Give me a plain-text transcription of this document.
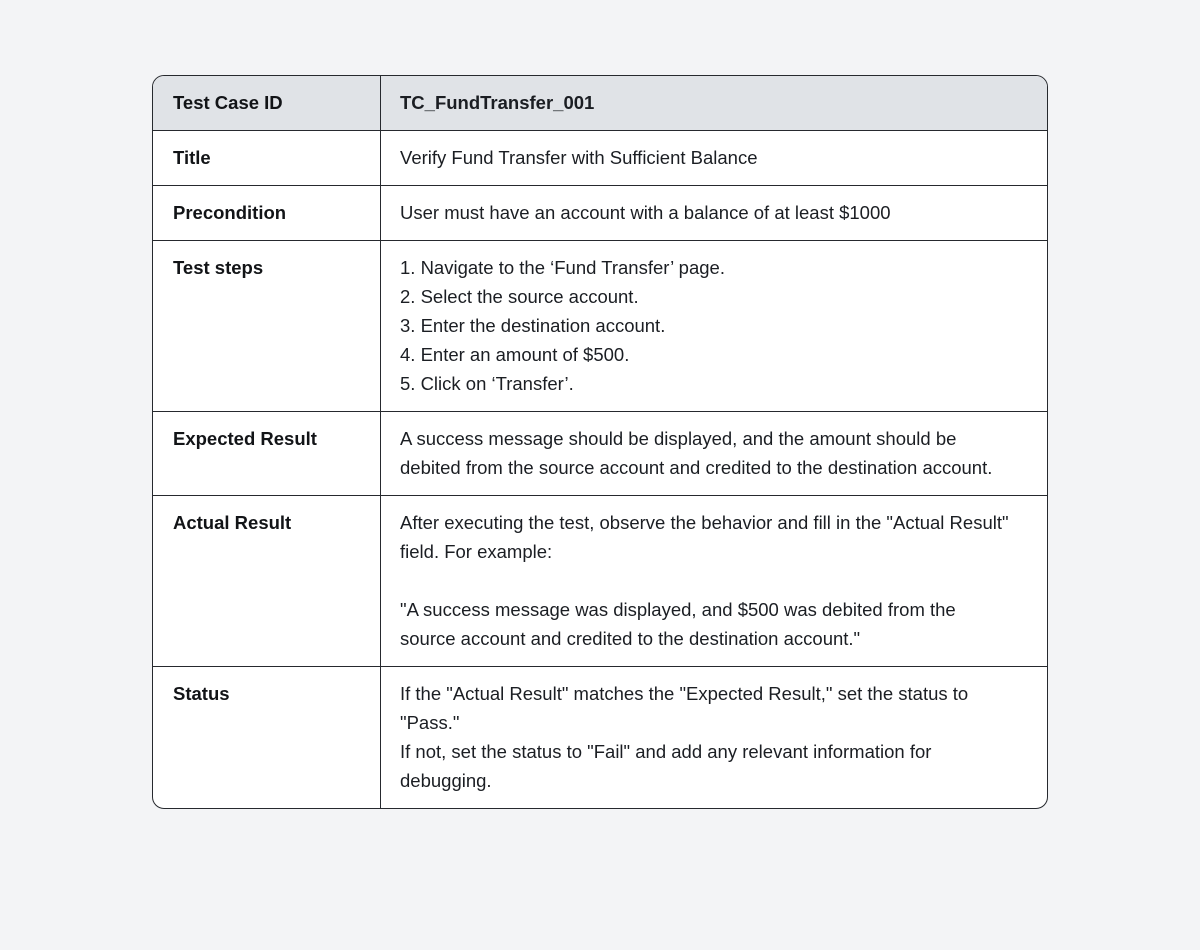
Test Case ID	TC_FundTransfer_001

Title	Verify Fund Transfer with Sufficient Balance

Precondition	User must have an account with a balance of at least $1000

Test steps	1. Navigate to the ‘Fund Transfer’ page.

2. Select the source account.

3. Enter the destination account.

4. Enter an amount of $500.

5. Click on ‘Transfer’.

Expected Result	A success message should be displayed, and the amount should be debited from the source account and credited to the destination account.

Actual Result	After executing the test, observe the behavior and fill in the "Actual Result" field. For example:

"A success message was displayed, and $500 was debited from the source account and credited to the destination account."

Status	If the "Actual Result" matches the "Expected Result," set the status to "Pass."

If not, set the status to "Fail" and add any relevant information for debugging.
